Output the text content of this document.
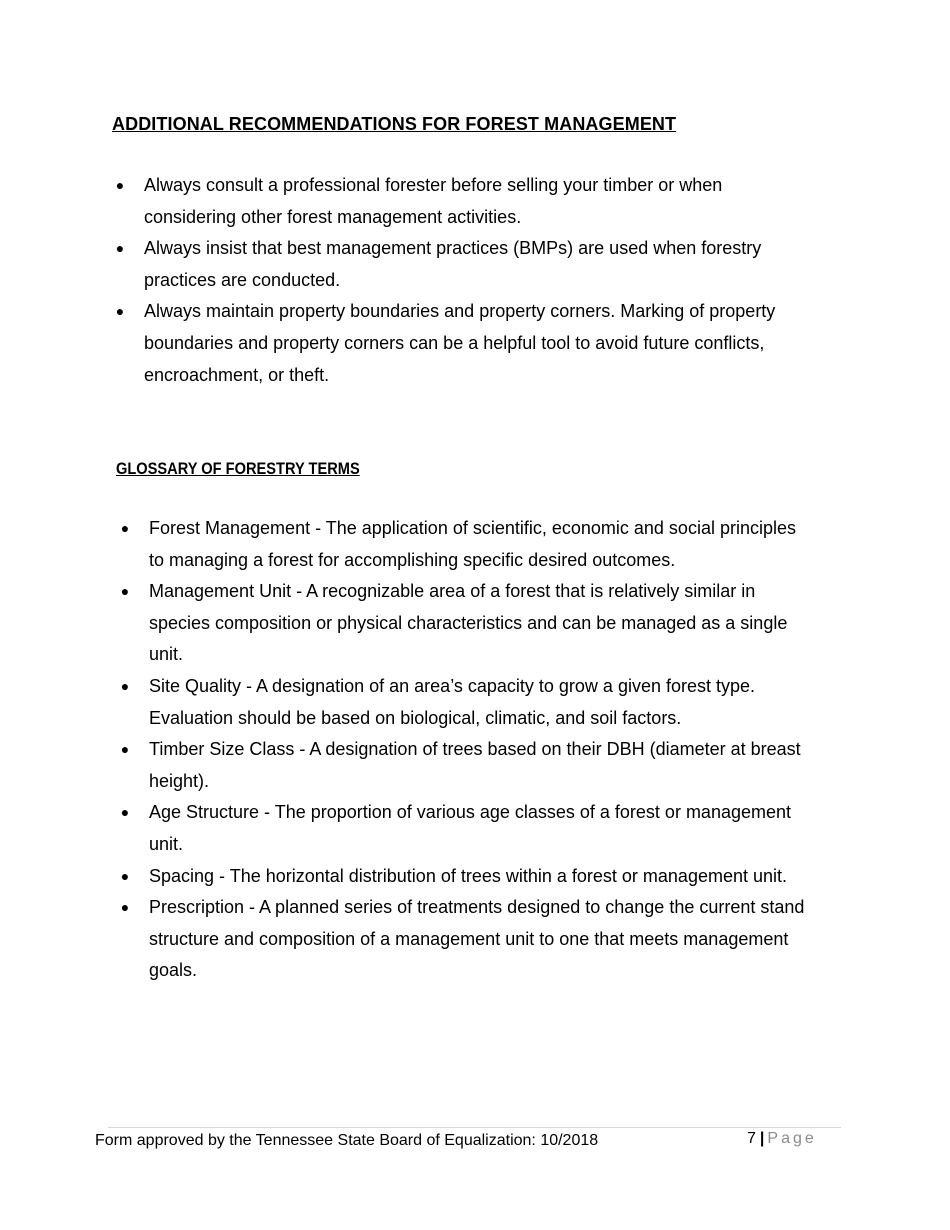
ADDITIONAL RECOMMENDATIONS FOR FOREST MANAGEMENT
● Always consult a professional forester before selling your timber or when considering other forest management activities.
● Always insist that best management practices (BMPs) are used when forestry practices are conducted.
● Always maintain property boundaries and property corners. Marking of property boundaries and property corners can be a helpful tool to avoid future conflicts, encroachment, or theft.
GLOSSARY OF FORESTRY TERMS
● Forest Management - The application of scientific, economic and social principles to managing a forest for accomplishing specific desired outcomes.
● Management Unit - A recognizable area of a forest that is relatively similar in species composition or physical characteristics and can be managed as a single unit.
● Site Quality - A designation of an area’s capacity to grow a given forest type. Evaluation should be based on biological, climatic, and soil factors.
● Timber Size Class - A designation of trees based on their DBH (diameter at breast height).
● Age Structure - The proportion of various age classes of a forest or management unit.
● Spacing - The horizontal distribution of trees within a forest or management unit.
● Prescription - A planned series of treatments designed to change the current stand structure and composition of a management unit to one that meets management goals.
Form approved by the Tennessee State Board of Equalization: 10/2018	7 | Page
